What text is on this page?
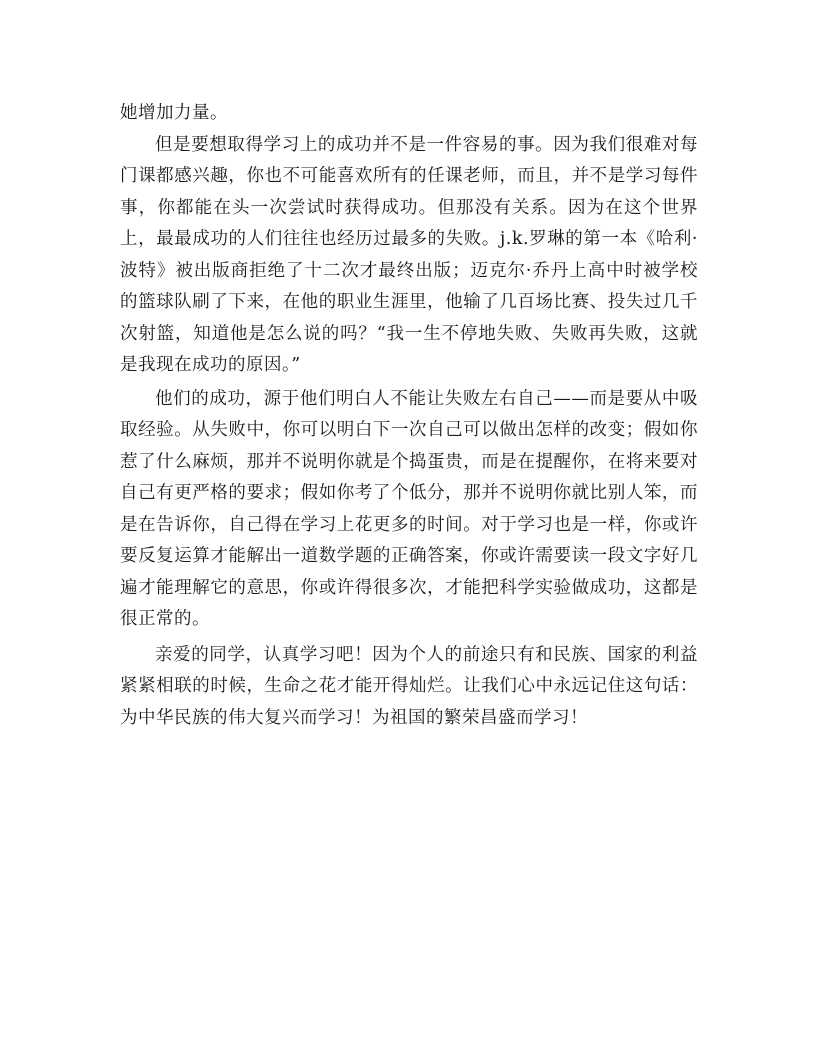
她增加力量。

但是要想取得学习上的成功并不是一件容易的事。因为我们很难对每门课都感兴趣，你也不可能喜欢所有的任课老师，而且，并不是学习每件事，你都能在头一次尝试时获得成功。但那没有关系。因为在这个世界上，最最成功的人们往往也经历过最多的失败。j.k.罗琳的第一本《哈利·波特》被出版商拒绝了十二次才最终出版；迈克尔·乔丹上高中时被学校的篮球队刷了下来，在他的职业生涯里，他输了几百场比赛、投失过几千次射篮，知道他是怎么说的吗？“我一生不停地失败、失败再失败，这就是我现在成功的原因。”

他们的成功，源于他们明白人不能让失败左右自己——而是要从中吸取经验。从失败中，你可以明白下一次自己可以做出怎样的改变；假如你惹了什么麻烦，那并不说明你就是个捣蛋贵，而是在提醒你，在将来要对自己有更严格的要求；假如你考了个低分，那并不说明你就比别人笨，而是在告诉你，自己得在学习上花更多的时间。对于学习也是一样，你或许要反复运算才能解出一道数学题的正确答案，你或许需要读一段文字好几遍才能理解它的意思，你或许得很多次，才能把科学实验做成功，这都是很正常的。

亲爱的同学，认真学习吧！因为个人的前途只有和民族、国家的利益紧紧相联的时候，生命之花才能开得灿烂。让我们心中永远记住这句话：为中华民族的伟大复兴而学习！为祖国的繁荣昌盛而学习！
